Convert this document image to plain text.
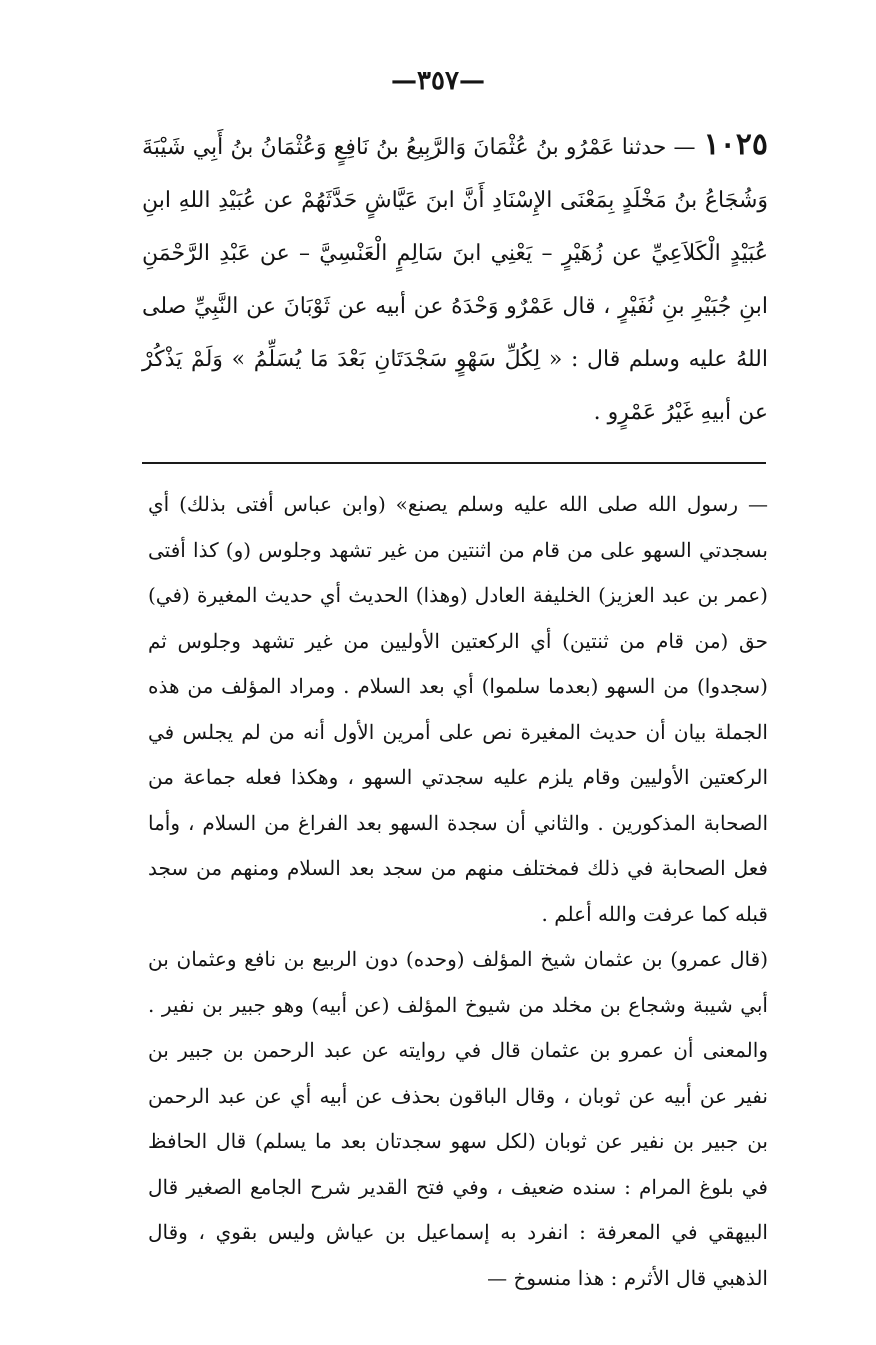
—٣٥٧—
١٠٢٥— حدثنا عَمْرُو بنُ عُثْمَانَ وَالرَّبِيعُ بنُ نَافِعٍ وَعُثْمَانُ بنُ أَبِي شَيْبَةَ وَشُجَاعُ بنُ مَخْلَدٍ بِمَعْنَى الإِسْنَادِ أَنَّ ابنَ عَيَّاشٍ حَدَّثَهُمْ عن عُبَيْدِ اللهِ ابنِ عُبَيْدٍ الْكَلاَعِيِّ عن زُهَيْرٍ – يَعْنِي ابنَ سَالِمٍ الْعَنْسِيَّ – عن عَبْدِ الرَّحْمَنِ ابنِ جُبَيْرِ بنِ نُفَيْرٍ ، قال عَمْرٌو وَحْدَهُ عن أبيه عن ثَوْبَانَ عن النَّبِيِّ صلى اللهُ عليه وسلم قال : « لِكُلِّ سَهْوٍ سَجْدَتَانِ بَعْدَ مَا يُسَلِّمُ » وَلَمْ يَذْكُرْ عن أبيهِ غَيْرُ عَمْرٍو .

— رسول الله صلى الله عليه وسلم يصنع» (وابن عباس أفتى بذلك) أي بسجدتي السهو على من قام من اثنتين من غير تشهد وجلوس (و) كذا أفتى (عمر بن عبد العزيز) الخليفة العادل (وهذا) الحديث أي حديث المغيرة (في) حق (من قام من ثنتين) أي الركعتين الأوليين من غير تشهد وجلوس ثم (سجدوا) من السهو (بعدما سلموا) أي بعد السلام . ومراد المؤلف من هذه الجملة بيان أن حديث المغيرة نص على أمرين الأول أنه من لم يجلس في الركعتين الأوليين وقام يلزم عليه سجدتي السهو ، وهكذا فعله جماعة من الصحابة المذكورين . والثاني أن سجدة السهو بعد الفراغ من السلام ، وأما فعل الصحابة في ذلك فمختلف منهم من سجد بعد السلام ومنهم من سجد قبله كما عرفت والله أعلم .

(قال عمرو) بن عثمان شيخ المؤلف (وحده) دون الربيع بن نافع وعثمان بن أبي شيبة وشجاع بن مخلد من شيوخ المؤلف (عن أبيه) وهو جبير بن نفير . والمعنى أن عمرو بن عثمان قال في روايته عن عبد الرحمن بن جبير بن نفير عن أبيه عن ثوبان ، وقال الباقون بحذف عن أبيه أي عن عبد الرحمن بن جبير بن نفير عن ثوبان (لكل سهو سجدتان بعد ما يسلم) قال الحافظ في بلوغ المرام : سنده ضعيف ، وفي فتح القدير شرح الجامع الصغير قال البيهقي في المعرفة : انفرد به إسماعيل بن عياش وليس بقوي ، وقال الذهبي قال الأثرم : هذا منسوخ —
